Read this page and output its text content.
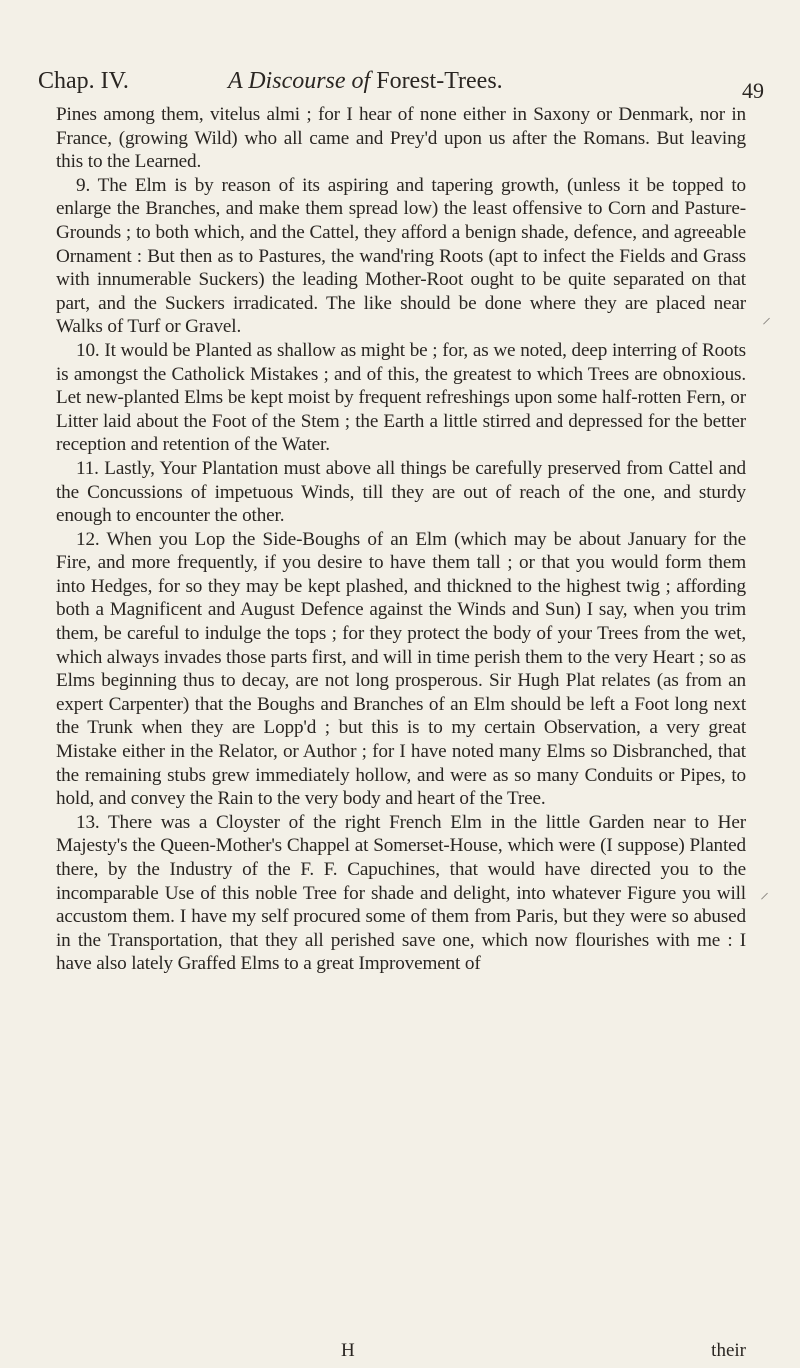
Chap. IV.	A Discourse of Forest-Trees.	49

Pines among them, vitelus almi ; for I hear of none either in Saxony or Denmark, nor in France, (growing Wild) who all came and Prey'd upon us after the Romans. But leaving this to the Learned.

9. The Elm is by reason of its aspiring and tapering growth, (unless it be topped to enlarge the Branches, and make them spread low) the least offensive to Corn and Pasture-Grounds ; to both which, and the Cattel, they afford a benign shade, defence, and agreeable Ornament : But then as to Pastures, the wand'ring Roots (apt to infect the Fields and Grass with innumerable Suckers) the leading Mother-Root ought to be quite separated on that part, and the Suckers irradicated. The like should be done where they are placed near Walks of Turf or Gravel.

10. It would be Planted as shallow as might be ; for, as we noted, deep interring of Roots is amongst the Catholick Mistakes ; and of this, the greatest to which Trees are obnoxious. Let new-planted Elms be kept moist by frequent refreshings upon some half-rotten Fern, or Litter laid about the Foot of the Stem ; the Earth a little stirred and depressed for the better reception and retention of the Water.

11. Lastly, Your Plantation must above all things be carefully preserved from Cattel and the Concussions of impetuous Winds, till they are out of reach of the one, and sturdy enough to encounter the other.

12. When you Lop the Side-Boughs of an Elm (which may be about January for the Fire, and more frequently, if you desire to have them tall ; or that you would form them into Hedges, for so they may be kept plashed, and thickned to the highest twig ; affording both a Magnificent and August Defence against the Winds and Sun) I say, when you trim them, be careful to indulge the tops ; for they protect the body of your Trees from the wet, which always invades those parts first, and will in time perish them to the very Heart ; so as Elms beginning thus to decay, are not long prosperous. Sir Hugh Plat relates (as from an expert Carpenter) that the Boughs and Branches of an Elm should be left a Foot long next the Trunk when they are Lopp'd ; but this is to my certain Observation, a very great Mistake either in the Relator, or Author ; for I have noted many Elms so Disbranched, that the remaining stubs grew immediately hollow, and were as so many Conduits or Pipes, to hold, and convey the Rain to the very body and heart of the Tree.

13. There was a Cloyster of the right French Elm in the little Garden near to Her Majesty's the Queen-Mother's Chappel at Somerset-House, which were (I suppose) Planted there, by the Industry of the F. F. Capuchines, that would have directed you to the incomparable Use of this noble Tree for shade and delight, into whatever Figure you will accustom them. I have my self procured some of them from Paris, but they were so abused in the Transportation, that they all perished save one, which now flourishes with me : I have also lately Graffed Elms to a great Improvement of

H	their
⸝
⸝
